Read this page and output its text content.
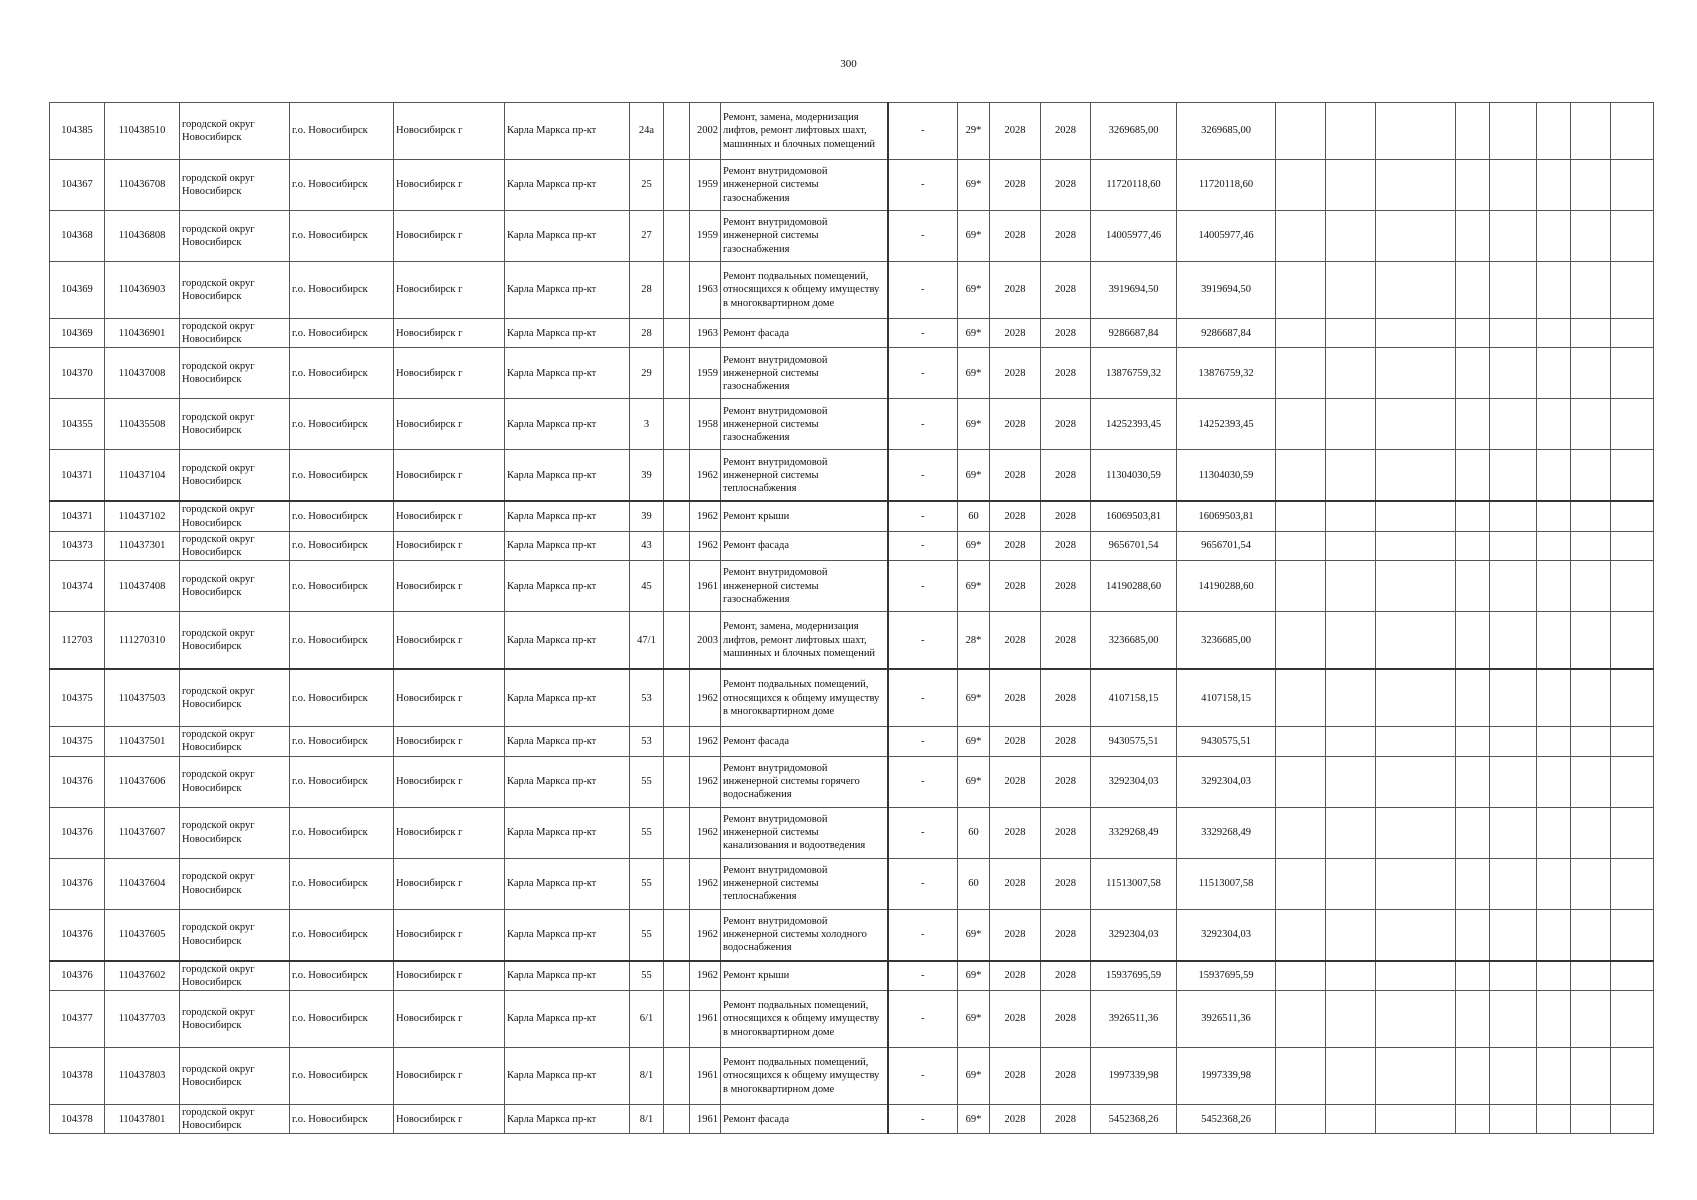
300
104385	110438510	городской округ Новосибирск	г.о. Новосибирск	Новосибирск г	Карла Маркса пр-кт	24а		2002	Ремонт, замена, модернизация лифтов, ремонт лифтовых шахт, машинных и блочных помещений	-	29*	2028	2028	3269685,00	3269685,00								
104367	110436708	городской округ Новосибирск	г.о. Новосибирск	Новосибирск г	Карла Маркса пр-кт	25		1959	Ремонт внутридомовой инженерной системы газоснабжения	-	69*	2028	2028	11720118,60	11720118,60								
104368	110436808	городской округ Новосибирск	г.о. Новосибирск	Новосибирск г	Карла Маркса пр-кт	27		1959	Ремонт внутридомовой инженерной системы газоснабжения	-	69*	2028	2028	14005977,46	14005977,46								
104369	110436903	городской округ Новосибирск	г.о. Новосибирск	Новосибирск г	Карла Маркса пр-кт	28		1963	Ремонт подвальных помещений, относящихся к общему имуществу в многоквартирном доме	-	69*	2028	2028	3919694,50	3919694,50								
104369	110436901	городской округ Новосибирск	г.о. Новосибирск	Новосибирск г	Карла Маркса пр-кт	28		1963	Ремонт фасада	-	69*	2028	2028	9286687,84	9286687,84								
104370	110437008	городской округ Новосибирск	г.о. Новосибирск	Новосибирск г	Карла Маркса пр-кт	29		1959	Ремонт внутридомовой инженерной системы газоснабжения	-	69*	2028	2028	13876759,32	13876759,32								
104355	110435508	городской округ Новосибирск	г.о. Новосибирск	Новосибирск г	Карла Маркса пр-кт	3		1958	Ремонт внутридомовой инженерной системы газоснабжения	-	69*	2028	2028	14252393,45	14252393,45								
104371	110437104	городской округ Новосибирск	г.о. Новосибирск	Новосибирск г	Карла Маркса пр-кт	39		1962	Ремонт внутридомовой инженерной системы теплоснабжения	-	69*	2028	2028	11304030,59	11304030,59								
104371	110437102	городской округ Новосибирск	г.о. Новосибирск	Новосибирск г	Карла Маркса пр-кт	39		1962	Ремонт крыши	-	60	2028	2028	16069503,81	16069503,81								
104373	110437301	городской округ Новосибирск	г.о. Новосибирск	Новосибирск г	Карла Маркса пр-кт	43		1962	Ремонт фасада	-	69*	2028	2028	9656701,54	9656701,54								
104374	110437408	городской округ Новосибирск	г.о. Новосибирск	Новосибирск г	Карла Маркса пр-кт	45		1961	Ремонт внутридомовой инженерной системы газоснабжения	-	69*	2028	2028	14190288,60	14190288,60								
112703	111270310	городской округ Новосибирск	г.о. Новосибирск	Новосибирск г	Карла Маркса пр-кт	47/1		2003	Ремонт, замена, модернизация лифтов, ремонт лифтовых шахт, машинных и блочных помещений	-	28*	2028	2028	3236685,00	3236685,00								
104375	110437503	городской округ Новосибирск	г.о. Новосибирск	Новосибирск г	Карла Маркса пр-кт	53		1962	Ремонт подвальных помещений, относящихся к общему имуществу в многоквартирном доме	-	69*	2028	2028	4107158,15	4107158,15								
104375	110437501	городской округ Новосибирск	г.о. Новосибирск	Новосибирск г	Карла Маркса пр-кт	53		1962	Ремонт фасада	-	69*	2028	2028	9430575,51	9430575,51								
104376	110437606	городской округ Новосибирск	г.о. Новосибирск	Новосибирск г	Карла Маркса пр-кт	55		1962	Ремонт внутридомовой инженерной системы горячего водоснабжения	-	69*	2028	2028	3292304,03	3292304,03								
104376	110437607	городской округ Новосибирск	г.о. Новосибирск	Новосибирск г	Карла Маркса пр-кт	55		1962	Ремонт внутридомовой инженерной системы канализования и водоотведения	-	60	2028	2028	3329268,49	3329268,49								
104376	110437604	городской округ Новосибирск	г.о. Новосибирск	Новосибирск г	Карла Маркса пр-кт	55		1962	Ремонт внутридомовой инженерной системы теплоснабжения	-	60	2028	2028	11513007,58	11513007,58								
104376	110437605	городской округ Новосибирск	г.о. Новосибирск	Новосибирск г	Карла Маркса пр-кт	55		1962	Ремонт внутридомовой инженерной системы холодного водоснабжения	-	69*	2028	2028	3292304,03	3292304,03								
104376	110437602	городской округ Новосибирск	г.о. Новосибирск	Новосибирск г	Карла Маркса пр-кт	55		1962	Ремонт крыши	-	69*	2028	2028	15937695,59	15937695,59								
104377	110437703	городской округ Новосибирск	г.о. Новосибирск	Новосибирск г	Карла Маркса пр-кт	6/1		1961	Ремонт подвальных помещений, относящихся к общему имуществу в многоквартирном доме	-	69*	2028	2028	3926511,36	3926511,36								
104378	110437803	городской округ Новосибирск	г.о. Новосибирск	Новосибирск г	Карла Маркса пр-кт	8/1		1961	Ремонт подвальных помещений, относящихся к общему имуществу в многоквартирном доме	-	69*	2028	2028	1997339,98	1997339,98								
104378	110437801	городской округ Новосибирск	г.о. Новосибирск	Новосибирск г	Карла Маркса пр-кт	8/1		1961	Ремонт фасада	-	69*	2028	2028	5452368,26	5452368,26								
